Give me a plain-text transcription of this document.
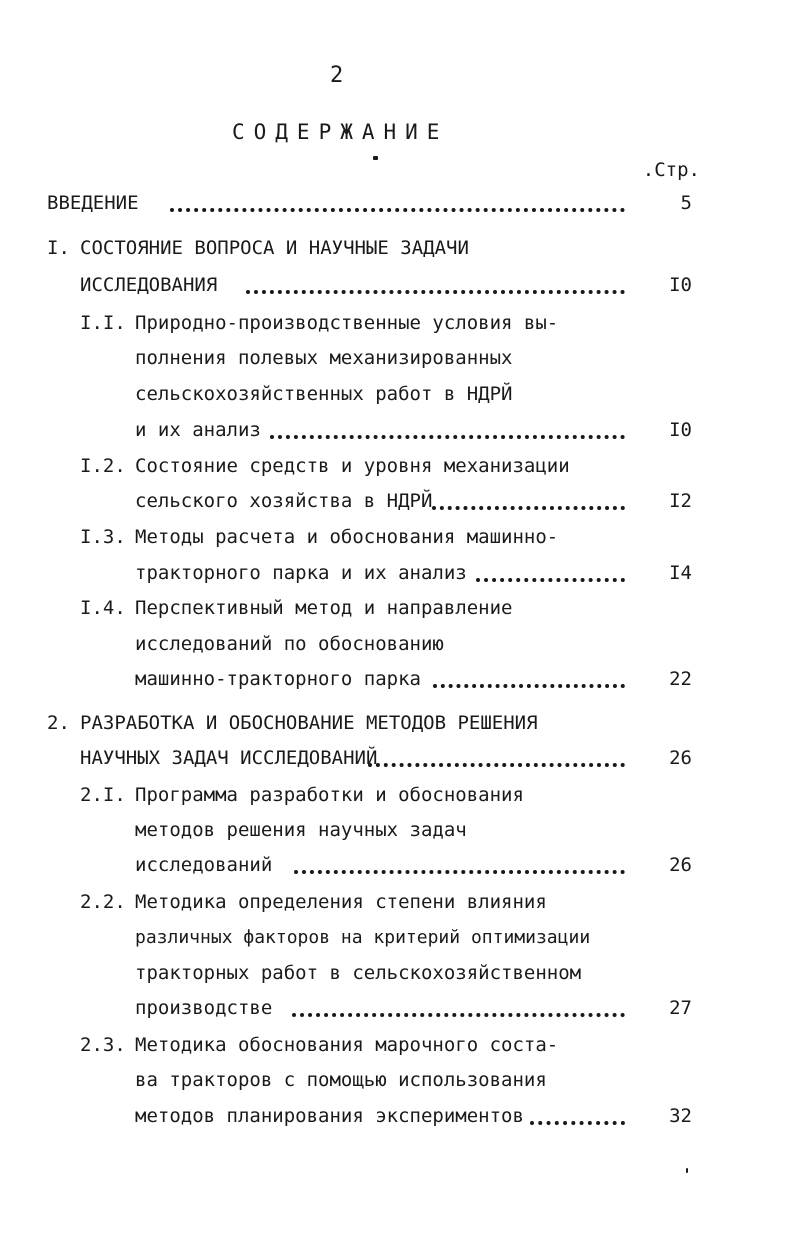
2
СОДЕРЖАНИЕ
.Стр.
ВВЕДЕНИЕ	5
I. СОСТОЯНИЕ ВОПРОСА И НАУЧНЫЕ ЗАДАЧИ
ИССЛЕДОВАНИЯ	I0
I.I. Природно-производственные условия вы-
полнения полевых механизированных
сельскохозяйственных работ в НДРЙ
и их анализ	I0
I.2. Состояние средств и уровня механизации
сельского хозяйства в НДРЙ	I2
I.3. Методы расчета и обоснования машинно-
тракторного парка и их анализ	I4
I.4. Перспективный метод и направление
исследований по обоснованию
машинно-тракторного парка	22
2. РАЗРАБОТКА И ОБОСНОВАНИЕ МЕТОДОВ РЕШЕНИЯ
НАУЧНЫХ ЗАДАЧ ИССЛЕДОВАНИЙ	26
2.I. Программа разработки и обоснования
методов решения научных задач
исследований	26
2.2. Методика определения степени влияния
различных факторов на критерий оптимизации
тракторных работ в сельскохозяйственном
производстве	27
2.3. Методика обоснования марочного соста-
ва тракторов с помощью использования
методов планирования экспериментов	32
